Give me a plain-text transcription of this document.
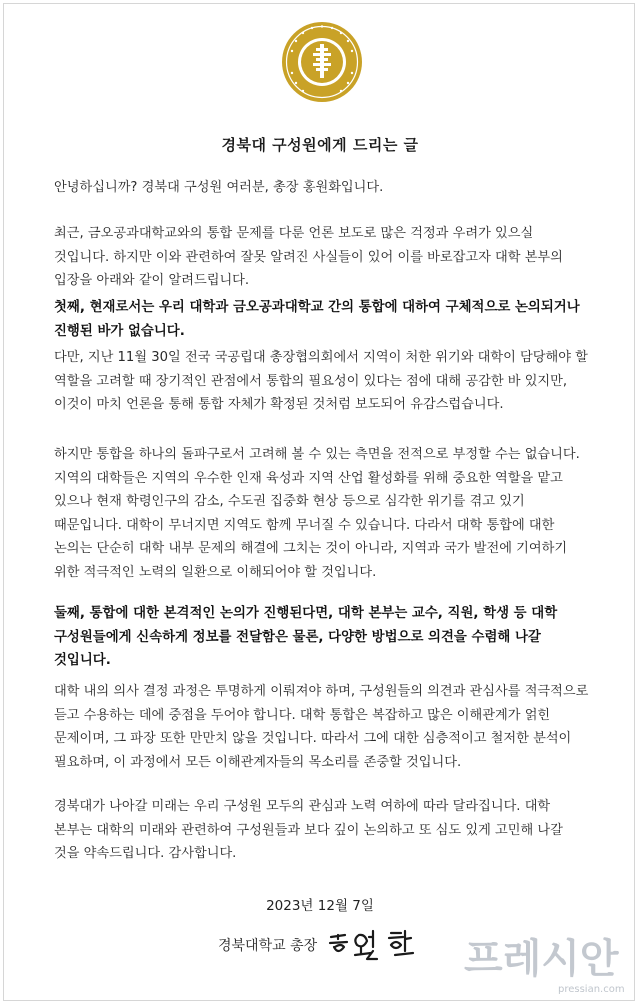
경북대 구성원에게 드리는 글
안녕하십니까? 경북대 구성원 여러분, 총장 홍원화입니다.
최근, 금오공과대학교와의 통합 문제를 다룬 언론 보도로 많은 걱정과 우려가 있으실 것입니다. 하지만 이와 관련하여 잘못 알려진 사실들이 있어 이를 바로잡고자 대학 본부의 입장을 아래와 같이 알려드립니다.
첫째, 현재로서는 우리 대학과 금오공과대학교 간의 통합에 대하여 구체적으로 논의되거나 진행된 바가 없습니다.
다만, 지난 11월 30일 전국 국공립대 총장협의회에서 지역이 처한 위기와 대학이 담당해야 할 역할을 고려할 때 장기적인 관점에서 통합의 필요성이 있다는 점에 대해 공감한 바 있지만, 이것이 마치 언론을 통해 통합 자체가 확정된 것처럼 보도되어 유감스럽습니다.
하지만 통합을 하나의 돌파구로서 고려해 볼 수 있는 측면을 전적으로 부정할 수는 없습니다. 지역의 대학들은 지역의 우수한 인재 육성과 지역 산업 활성화를 위해 중요한 역할을 맡고 있으나 현재 학령인구의 감소, 수도권 집중화 현상 등으로 심각한 위기를 겪고 있기 때문입니다. 대학이 무너지면 지역도 함께 무너질 수 있습니다. 다라서 대학 통합에 대한 논의는 단순히 대학 내부 문제의 해결에 그치는 것이 아니라, 지역과 국가 발전에 기여하기 위한 적극적인 노력의 일환으로 이해되어야 할 것입니다.
둘째, 통합에 대한 본격적인 논의가 진행된다면, 대학 본부는 교수, 직원, 학생 등 대학 구성원들에게 신속하게 정보를 전달함은 물론, 다양한 방법으로 의견을 수렴해 나갈 것입니다.
대학 내의 의사 결정 과정은 투명하게 이뤄져야 하며, 구성원들의 의견과 관심사를 적극적으로 듣고 수용하는 데에 중점을 두어야 합니다. 대학 통합은 복잡하고 많은 이해관계가 얽힌 문제이며, 그 파장 또한 만만치 않을 것입니다. 따라서 그에 대한 심층적이고 철저한 분석이 필요하며, 이 과정에서 모든 이해관계자들의 목소리를 존중할 것입니다.
경북대가 나아갈 미래는 우리 구성원 모두의 관심과 노력 여하에 따라 달라집니다. 대학 본부는 대학의 미래와 관련하여 구성원들과 보다 깊이 논의하고 또 심도 있게 고민해 나갈 것을 약속드립니다. 감사합니다.
2023년 12월 7일
경북대학교 총장	프레시안
pressian.com
